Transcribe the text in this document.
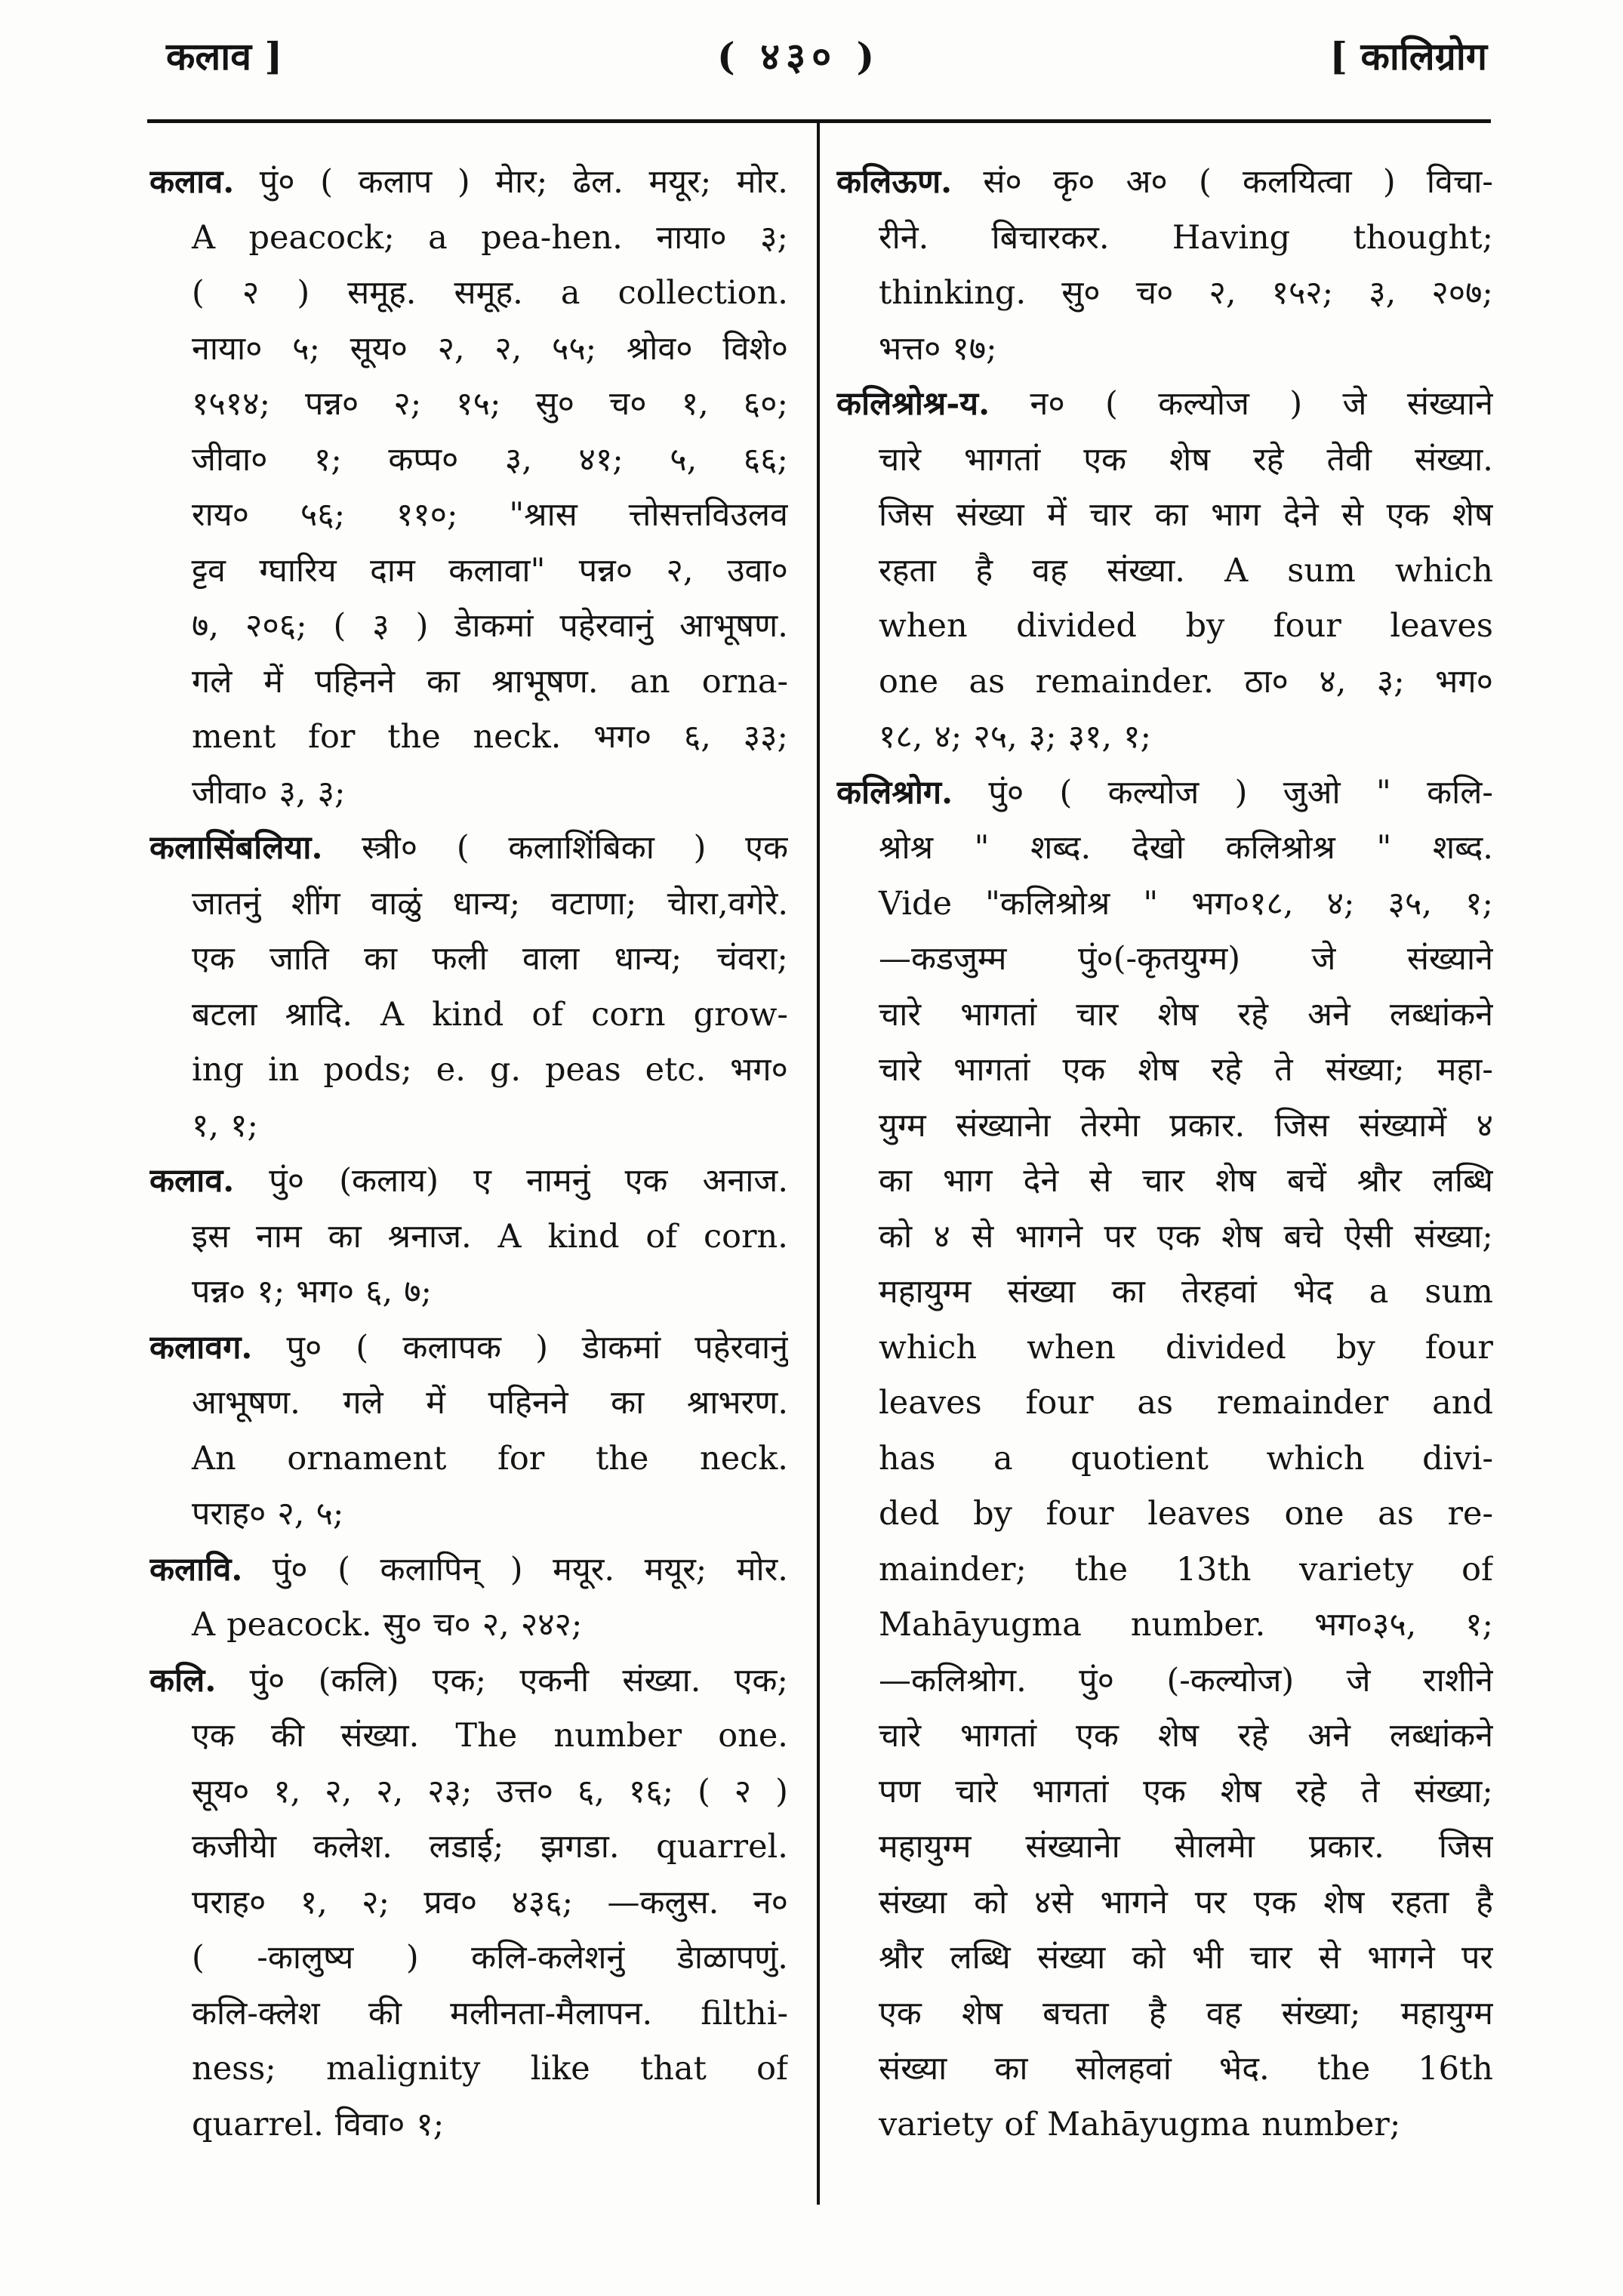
कलाव ]	( ४३० )	[ कालिग्रोग
कलाव. पुं० ( कलाप ) मेार; ढेल. मयूर; मोर.
A peacock; a pea-hen. नाया० ३;
( २ ) समूह. समूह. a collection.
नाया० ५; सूय० २, २, ५५; श्रोव० विशे०
१५१४; पन्न० २; १५; सु० च० १, ६०;
जीवा० १; कप्प० ३, ४१; ५, ६६;
राय० ५६; ११०; "श्रास त्तोसत्तविउलव
ट्टव ग्घारिय दाम कलावा" पन्न० २, उवा०
७, २०६; ( ३ ) डेाकमां पहेरवानुं आभूषण.
गले में पहिनने का श्राभूषण. an orna-
ment for the neck. भग० ६, ३३;
जीवा० ३, ३;
कलासिंबलिया. स्त्री० ( कलाशिंबिका ) एक
जातनुं शींग वाळुं धान्य; वटाणा; चेारा,वगेरे.
एक जाति का फली वाला धान्य; चंवरा;
बटला श्रादि. A kind of corn grow-
ing in pods; e. g. peas etc. भग०
१, १;
कलाव. पुं० (कलाय) ए नामनुं एक अनाज.
इस नाम का श्रनाज. A kind of corn.
पन्न० १; भग० ६, ७;
कलावग. पु० ( कलापक ) डेाकमां पहेरवानुं
आभूषण. गले में पहिनने का श्राभरण.
An ornament for the neck.
पराह० २, ५;
कलावि. पुं० ( कलापिन् ) मयूर. मयूर; मोर.
A peacock. सु० च० २, २४२;
कलि. पुं० (कलि) एक; एकनी संख्या. एक;
एक की संख्या. The number one.
सूय० १, २, २, २३; उत्त० ६, १६; ( २ )
कजीयेा कलेश. लडाई; झगडा. quarrel.
पराह० १, २; प्रव० ४३६; —कलुस. न०
( -कालुष्य ) कलि-कलेशनुं डेाळापणुं.
कलि-क्लेश की मलीनता-मैलापन. filthi-
ness; malignity like that of
quarrel. विवा० १;
कलिऊण. सं० कृ० अ० ( कलयित्वा ) विचा-
रीने. बिचारकर. Having thought;
thinking. सु० च० २, १५२; ३, २०७;
भत्त० १७;
कलिश्रोश्र-य. न० ( कल्योज ) जे संख्याने
चारे भागतां एक शेष रहे तेवी संख्या.
जिस संख्या में चार का भाग देने से एक शेष
रहता है वह संख्या. A sum which
when divided by four leaves
one as remainder. ठा० ४, ३; भग०
१८, ४; २५, ३; ३१, १;
कलिश्रोग. पुं० ( कल्योज ) जुओ " कलि-
श्रोश्र " शब्द. देखो कलिश्रोश्र " शब्द.
Vide "कलिश्रोश्र " भग०१८, ४; ३५, १;
—कडजुम्म पुं०(-कृतयुग्म) जे संख्याने
चारे भागतां चार शेष रहे अने लब्धांकने
चारे भागतां एक शेष रहे ते संख्या; महा-
युग्म संख्यानेा तेरमेा प्रकार. जिस संख्यामें ४
का भाग देने से चार शेष बचें श्रौर लब्धि
को ४ से भागने पर एक शेष बचे ऐसी संख्या;
महायुग्म संख्या का तेरहवां भेद a sum
which when divided by four
leaves four as remainder and
has a quotient which divi-
ded by four leaves one as re-
mainder; the 13th variety of
Mahāyugma number. भग०३५, १;
—कलिश्रोग. पुं० (-कल्योज) जे राशीने
चारे भागतां एक शेष रहे अने लब्धांकने
पण चारे भागतां एक शेष रहे ते संख्या;
महायुग्म संख्यानेा सेालमेा प्रकार. जिस
संख्या को ४से भागने पर एक शेष रहता है
श्रौर लब्धि संख्या को भी चार से भागने पर
एक शेष बचता है वह संख्या; महायुग्म
संख्या का सोलहवां भेद. the 16th
variety of Mahāyugma number;
